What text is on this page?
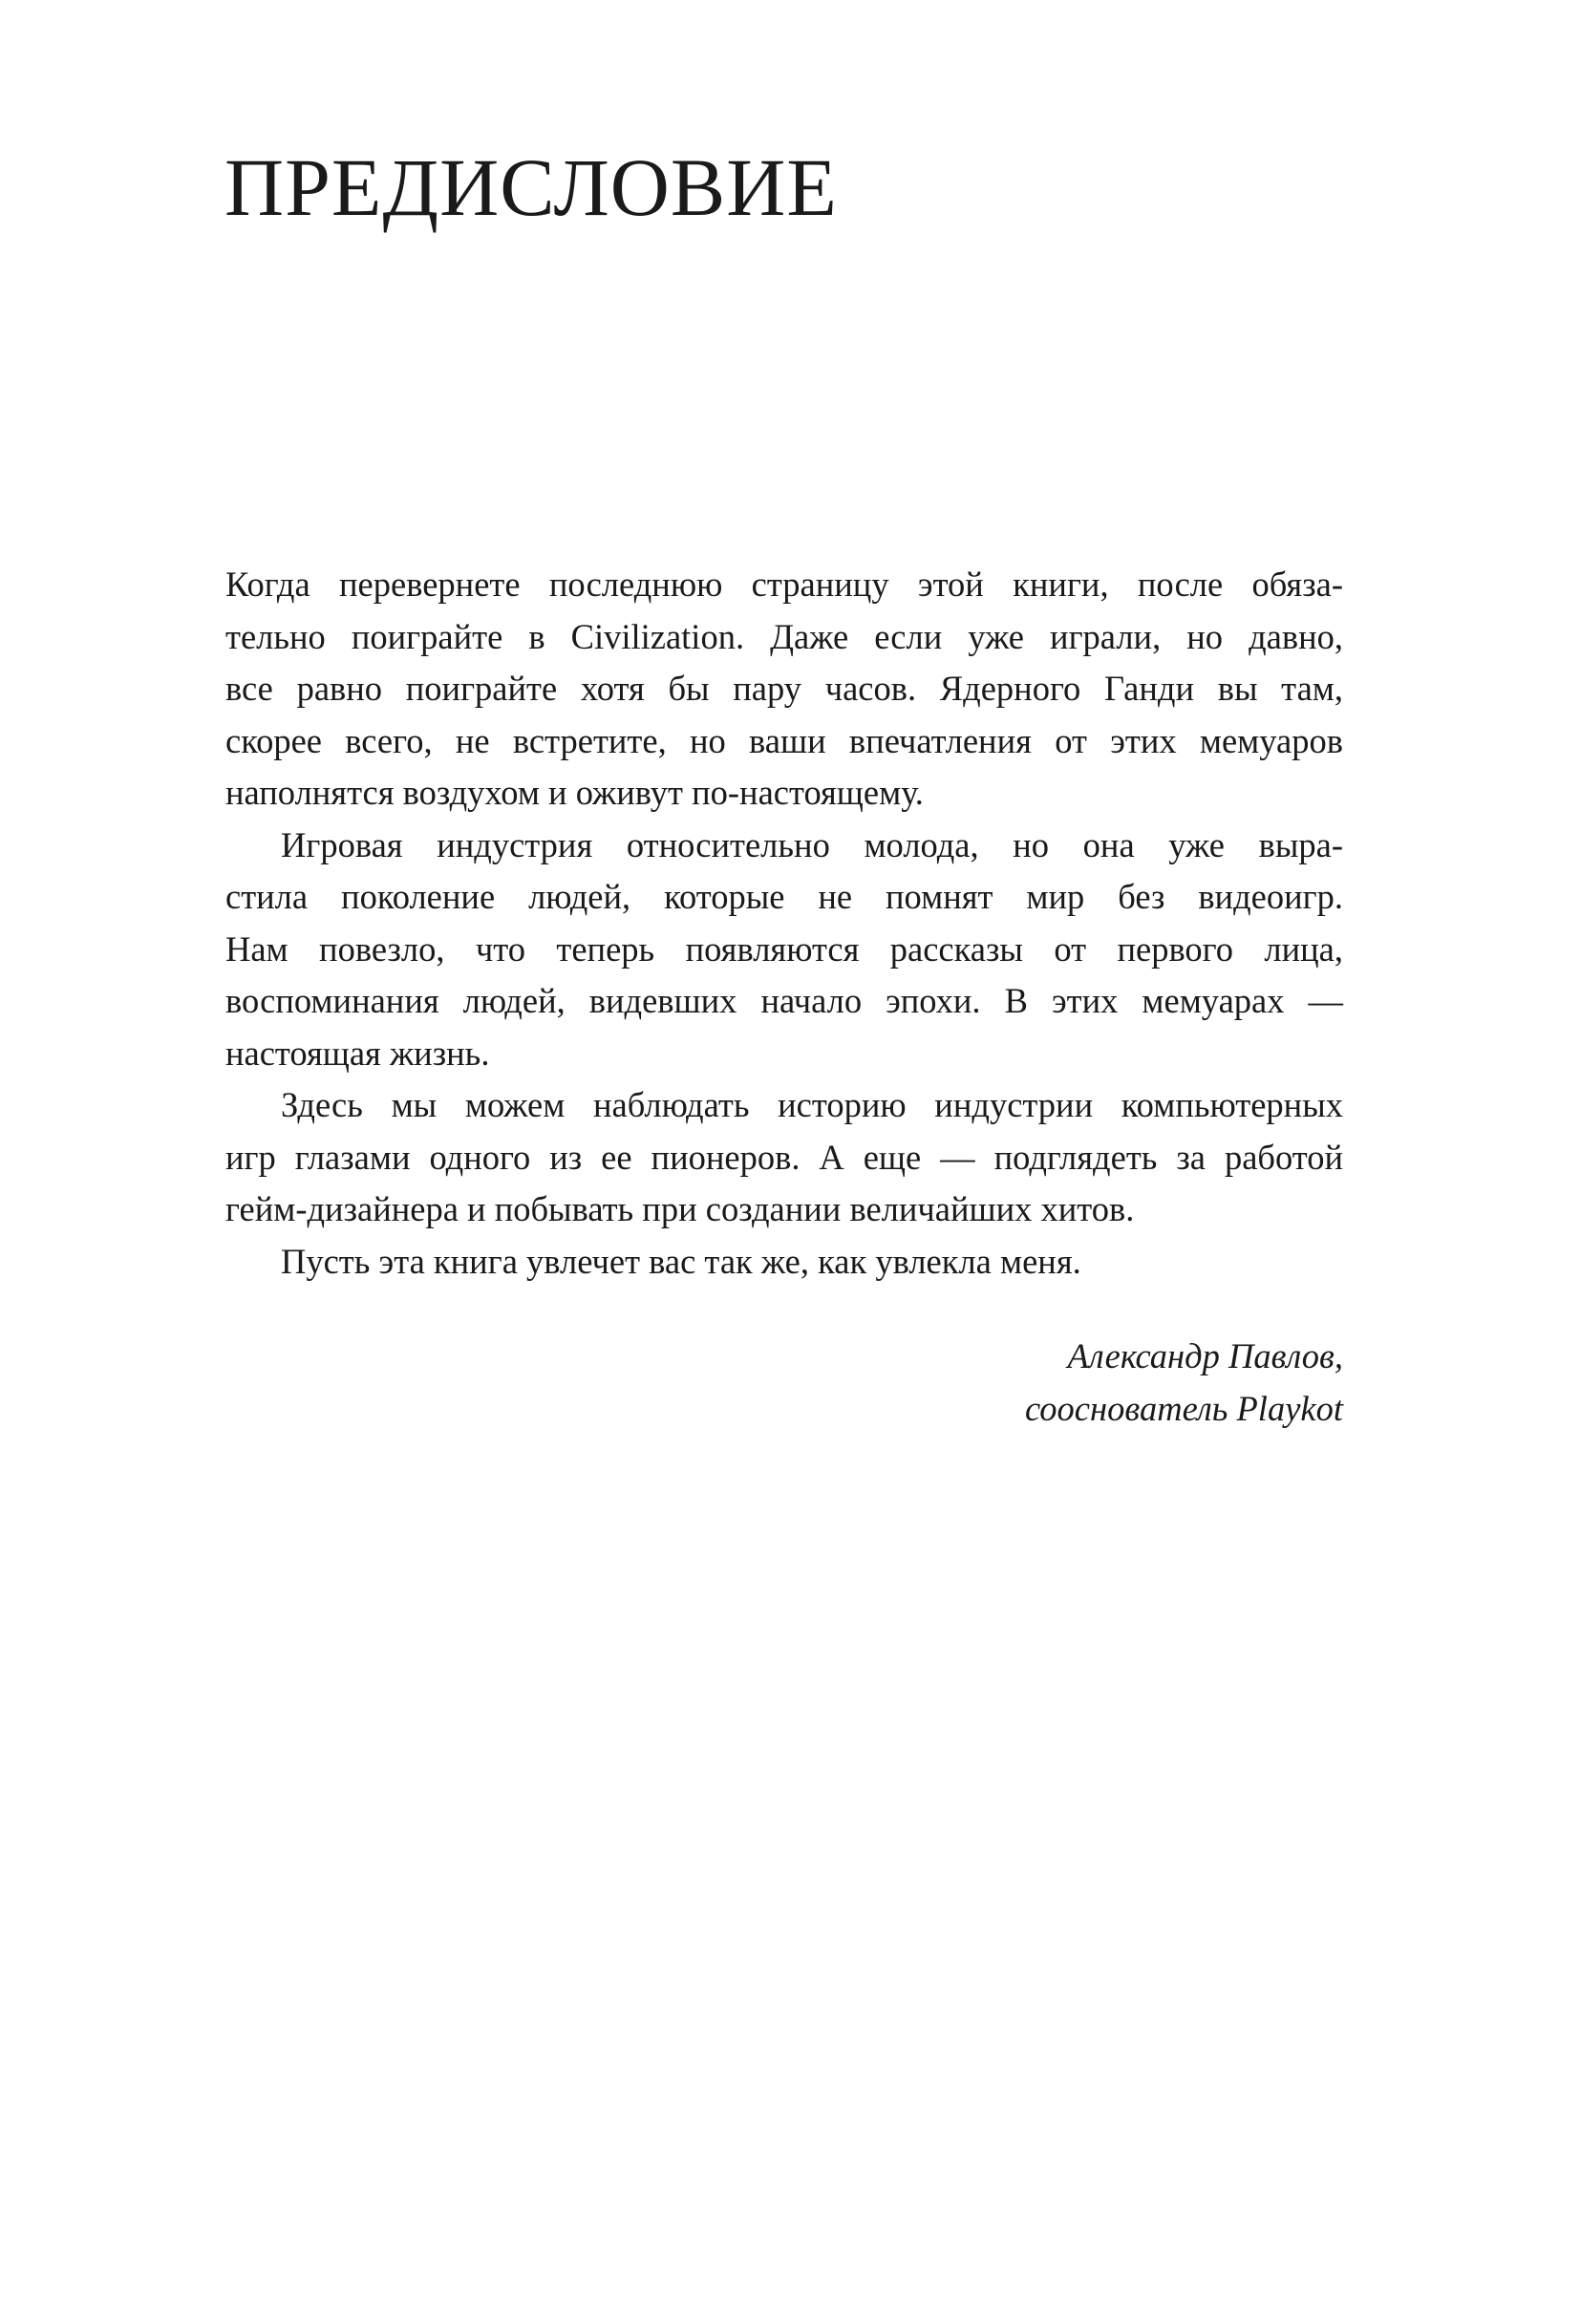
ПРЕДИСЛОВИЕ

Когда перевернете последнюю страницу этой книги, после обяза-
тельно поиграйте в Civilization. Даже если уже играли, но давно,
все равно поиграйте хотя бы пару часов. Ядерного Ганди вы там,
скорее всего, не встретите, но ваши впечатления от этих мемуаров
наполнятся воздухом и оживут по-настоящему.

Игровая индустрия относительно молода, но она уже выра-
стила поколение людей, которые не помнят мир без видеоигр.
Нам повезло, что теперь появляются рассказы от первого лица,
воспоминания людей, видевших начало эпохи. В этих мемуарах —
настоящая жизнь.

Здесь мы можем наблюдать историю индустрии компьютерных
игр глазами одного из ее пионеров. А еще — подглядеть за работой
гейм-дизайнера и побывать при создании величайших хитов.

Пусть эта книга увлечет вас так же, как увлекла меня.

Александр Павлов,
сооснователь Playkot
